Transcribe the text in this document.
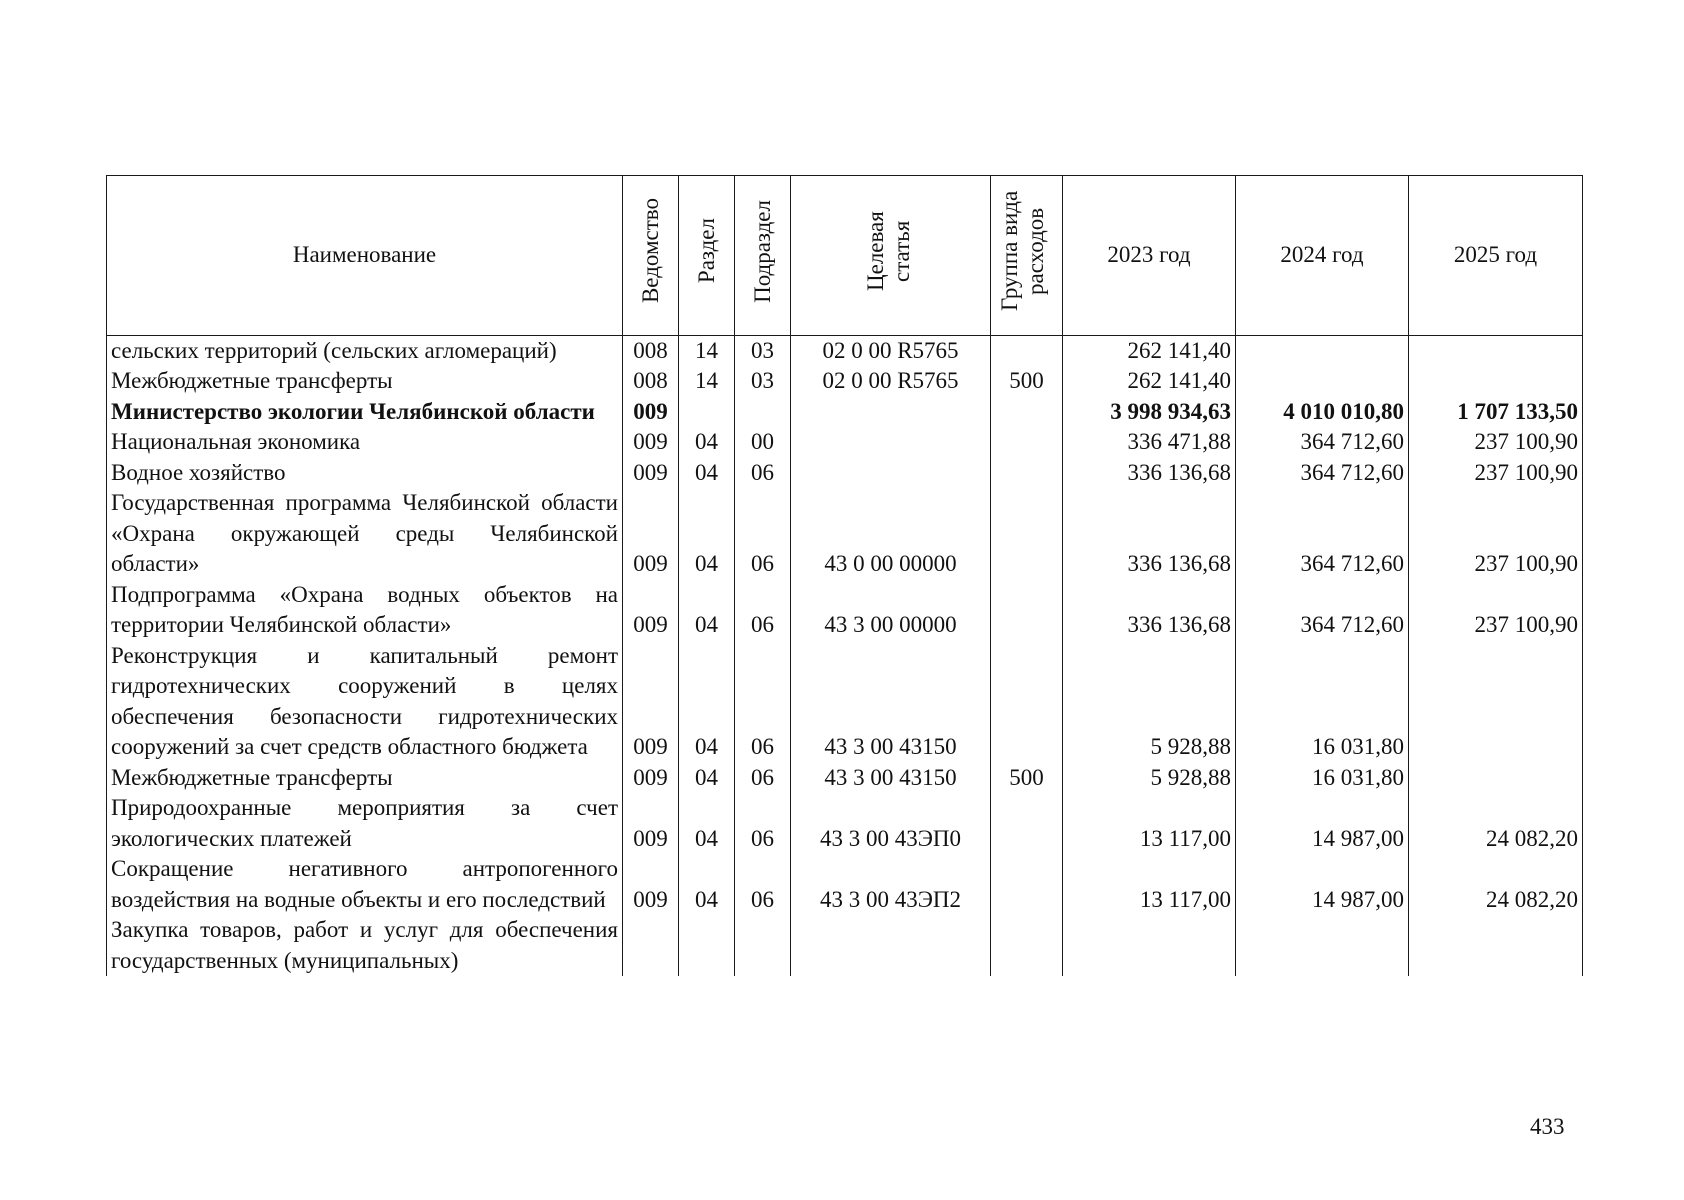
Наименование	Ведомство	Раздел	Подраздел	Целевая статья	Группа вида расходов	2023 год	2024 год	2025 год
сельских территорий (сельских агломераций)	008	14	03	02 0 00 R5765		262 141,40		
Межбюджетные трансферты	008	14	03	02 0 00 R5765	500	262 141,40		
Министерство экологии Челябинской области	009					3 998 934,63	4 010 010,80	1 707 133,50
Национальная экономика	009	04	00			336 471,88	364 712,60	237 100,90
Водное хозяйство	009	04	06			336 136,68	364 712,60	237 100,90
Государственная программа Челябинской области «Охрана окружающей среды Челябинской области»	009	04	06	43 0 00 00000		336 136,68	364 712,60	237 100,90
Подпрограмма «Охрана водных объектов на территории Челябинской области»	009	04	06	43 3 00 00000		336 136,68	364 712,60	237 100,90
Реконструкция и капитальный ремонт гидротехнических сооружений в целях обеспечения безопасности гидротехнических сооружений за счет средств областного бюджета	009	04	06	43 3 00 43150		5 928,88	16 031,80	
Межбюджетные трансферты	009	04	06	43 3 00 43150	500	5 928,88	16 031,80	
Природоохранные мероприятия за счет экологических платежей	009	04	06	43 3 00 43ЭП0		13 117,00	14 987,00	24 082,20
Сокращение негативного антропогенного воздействия на водные объекты и его последствий	009	04	06	43 3 00 43ЭП2		13 117,00	14 987,00	24 082,20
Закупка товаров, работ и услуг для обеспечения государственных (муниципальных)								
433
